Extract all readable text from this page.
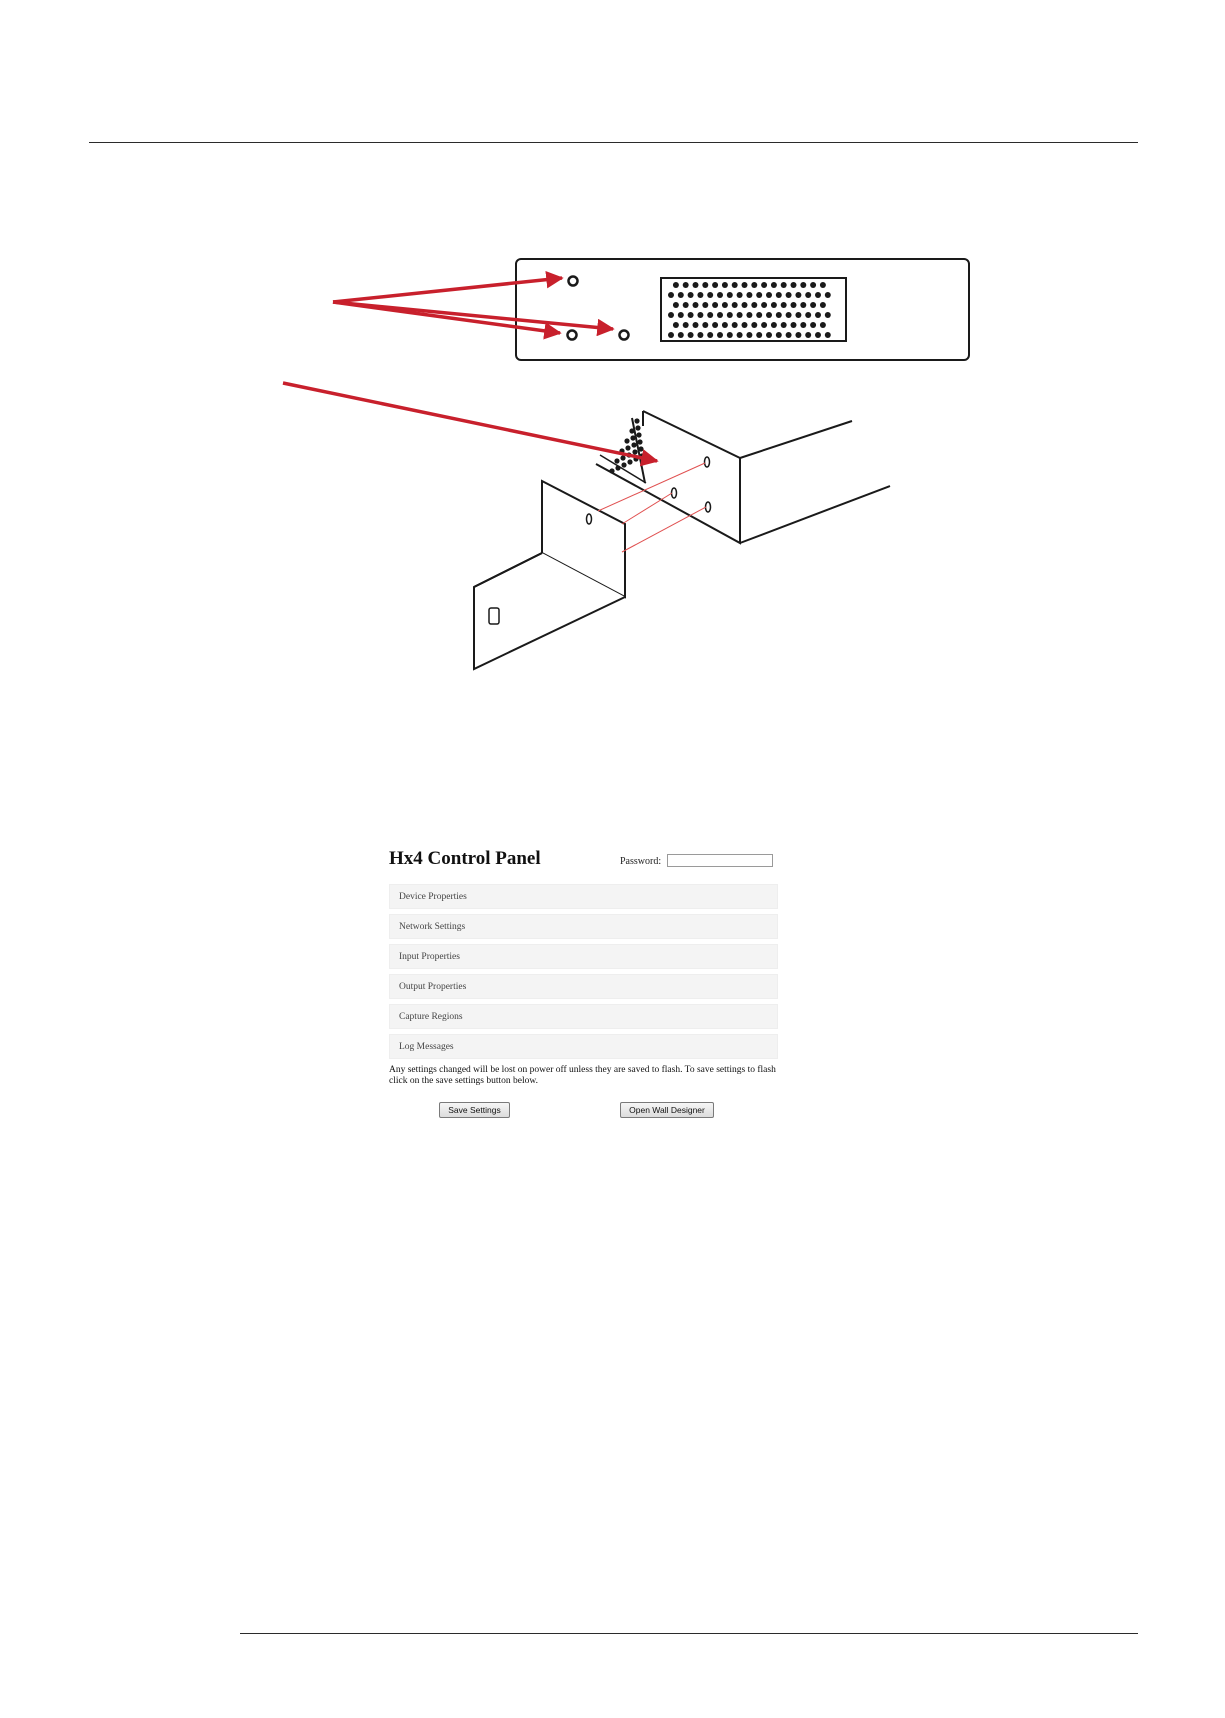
Hx4 Control Panel	Password:
Device Properties
Network Settings
Input Properties
Output Properties
Capture Regions
Log Messages
Any settings changed will be lost on power off unless they are saved to flash. To save settings to flash click on the save settings button below.
Save Settings	Open Wall Designer
